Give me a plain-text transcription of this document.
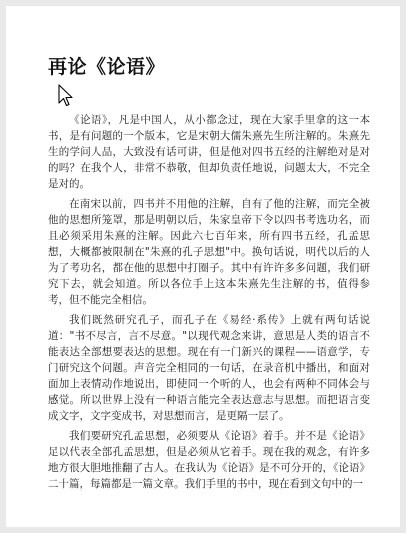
再论《论语》

《论语》，凡是中国人，从小都念过，现在大家手里拿的这一本书，是有问题的一个版本，它是宋朝大儒朱熹先生所注解的。朱熹先生的学问人品，大致没有话可讲，但是他对四书五经的注解绝对是对的吗？在我个人，非常不恭敬，但却负责任地说，问题太大，不完全是对的。

在南宋以前，四书并不用他的注解，自有了他的注解，而完全被他的思想所笼罩，那是明朝以后，朱家皇帝下令以四书考选功名，而且必须采用朱熹的注解。因此六七百年来，所有四书五经，孔孟思想，大概都被限制在"朱熹的孔子思想"中。换句话说，明代以后的人为了考功名，都在他的思想中打圈子。其中有许许多多问题，我们研究下去，就会知道。所以各位手上这本朱熹先生注解的书，值得参考，但不能完全相信。

我们既然研究孔子，而孔子在《易经·系传》上就有两句话说道："书不尽言，言不尽意。"以现代观念来讲，意思是人类的语言不能表达全部想要表达的思想。现在有一门新兴的课程——语意学，专门研究这个问题。声音完全相同的一句话，在录音机中播出，和面对面加上表情动作地说出，即使同一个听的人，也会有两种不同体会与感觉。所以世界上没有一种语言能完全表达意志与思想。而把语言变成文字，文字变成书，对思想而言，是更隔一层了。

我们要研究孔孟思想，必须要从《论语》着手。并不是《论语》足以代表全部孔孟思想，但是必须从它着手。现在我的观念，有许多地方很大胆地推翻了古人。在我认为《论语》是不可分开的，《论语》二十篇，每篇都是一篇文章。我们手里的书中，现在看到文句中的一
